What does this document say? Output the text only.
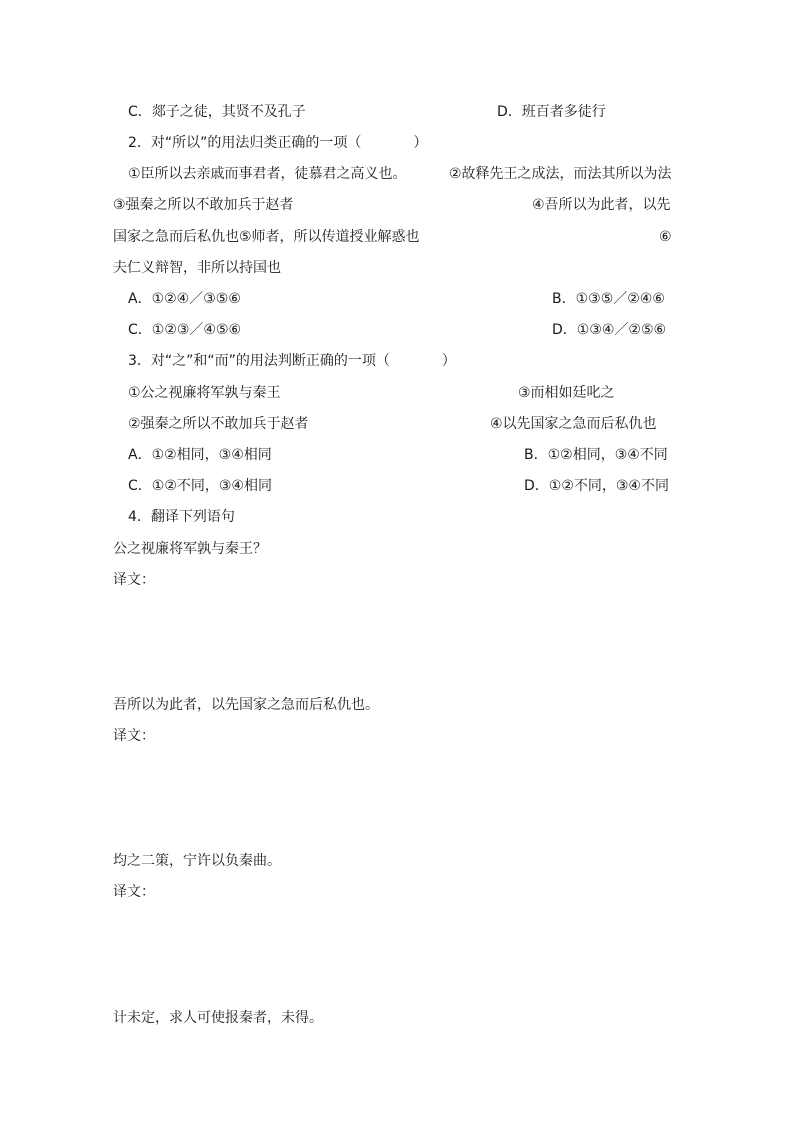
C．郯子之徒，其贤不及孔子	D．班百者多徒行
2．对“所以”的用法归类正确的一项（	）
①臣所以去亲戚而事君者，徒慕君之高义也。	②故释先王之成法，而法其所以为法
③强秦之所以不敢加兵于赵者	④吾所以为此者，以先
国家之急而后私仇也⑤师者，所以传道授业解惑也	⑥
夫仁义辩智，非所以持国也
A．①②④／③⑤⑥	B．①③⑤／②④⑥
C．①②③／④⑤⑥	D．①③④／②⑤⑥
3．对“之”和“而”的用法判断正确的一项（	）
①公之视廉将军孰与秦王	③而相如廷叱之
②强秦之所以不敢加兵于赵者	④以先国家之急而后私仇也
A．①②相同，③④相同	B．①②相同，③④不同
C．①②不同，③④相同	D．①②不同，③④不同
4．翻译下列语句
公之视廉将军孰与秦王？
译文：
吾所以为此者，以先国家之急而后私仇也。
译文：
均之二策，宁许以负秦曲。
译文：
计未定，求人可使报秦者，未得。
